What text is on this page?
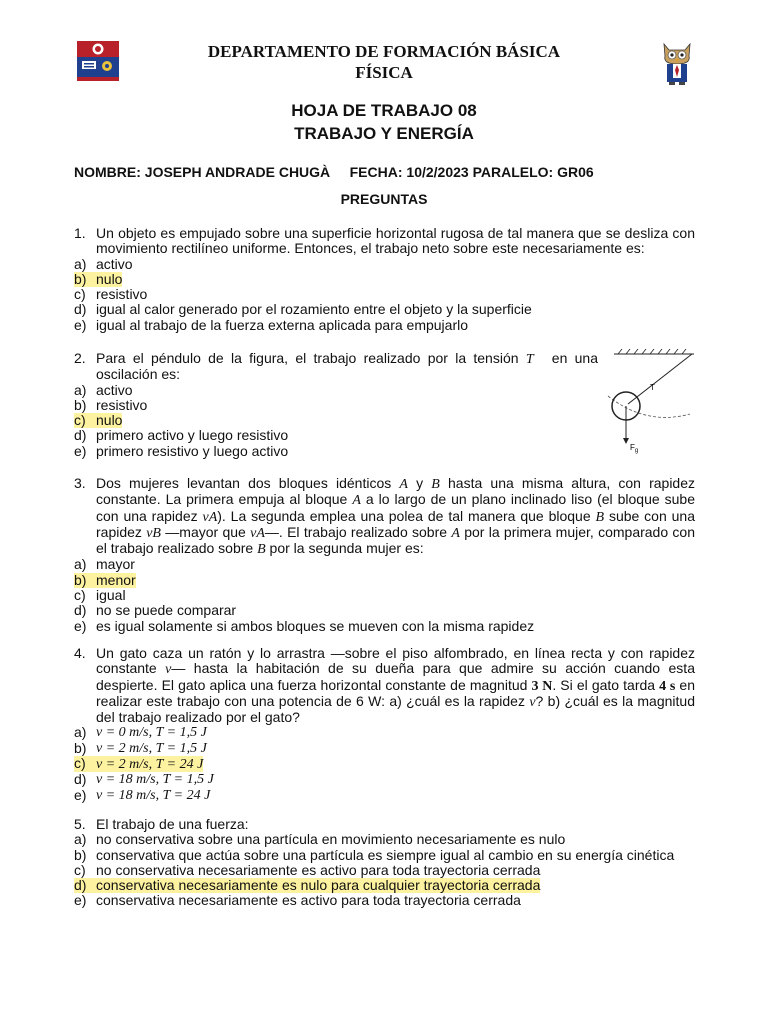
DEPARTAMENTO DE FORMACIÓN BÁSICA
FÍSICA
HOJA DE TRABAJO 08
TRABAJO Y ENERGÍA
NOMBRE: JOSEPH ANDRADE CHUGÀ FECHA: 10/2/2023 PARALELO: GR06
PREGUNTAS
1. Un objeto es empujado sobre una superficie horizontal rugosa de tal manera que se desliza con movimiento rectilíneo uniforme. Entonces, el trabajo neto sobre este necesariamente es:
a) activo
b) nulo
c) resistivo
d) igual al calor generado por el rozamiento entre el objeto y la superficie
e) igual al trabajo de la fuerza externa aplicada para empujarlo
2. Para el péndulo de la figura, el trabajo realizado por la tensión T⃗ en una oscilación es:
a) activo
b) resistivo
c) nulo
d) primero activo y luego resistivo
e) primero resistivo y luego activo
T
$F_g$
3. Dos mujeres levantan dos bloques idénticos A y B hasta una misma altura, con rapidez constante. La primera empuja al bloque A a lo largo de un plano inclinado liso (el bloque sube con una rapidez vA). La segunda emplea una polea de tal manera que bloque B sube con una rapidez vB —mayor que vA—. El trabajo realizado sobre A por la primera mujer, comparado con el trabajo realizado sobre B por la segunda mujer es:
a) mayor
b) menor
c) igual
d) no se puede comparar
e) es igual solamente si ambos bloques se mueven con la misma rapidez
4. Un gato caza un ratón y lo arrastra —sobre el piso alfombrado, en línea recta y con rapidez constante v— hasta la habitación de su dueña para que admire su acción cuando esta despierte. El gato aplica una fuerza horizontal constante de magnitud 3 N. Si el gato tarda 4 s en realizar este trabajo con una potencia de 6 W: a) ¿cuál es la rapidez v? b) ¿cuál es la magnitud del trabajo realizado por el gato?
a) v = 0 m/s, T = 1,5 J
b) v = 2 m/s, T = 1,5 J
c) v = 2 m/s, T = 24 J
d) v = 18 m/s, T = 1,5 J
e) v = 18 m/s, T = 24 J
5. El trabajo de una fuerza:
a) no conservativa sobre una partícula en movimiento necesariamente es nulo
b) conservativa que actúa sobre una partícula es siempre igual al cambio en su energía cinética
c) no conservativa necesariamente es activo para toda trayectoria cerrada
d) conservativa necesariamente es nulo para cualquier trayectoria cerrada
e) conservativa necesariamente es activo para toda trayectoria cerrada
